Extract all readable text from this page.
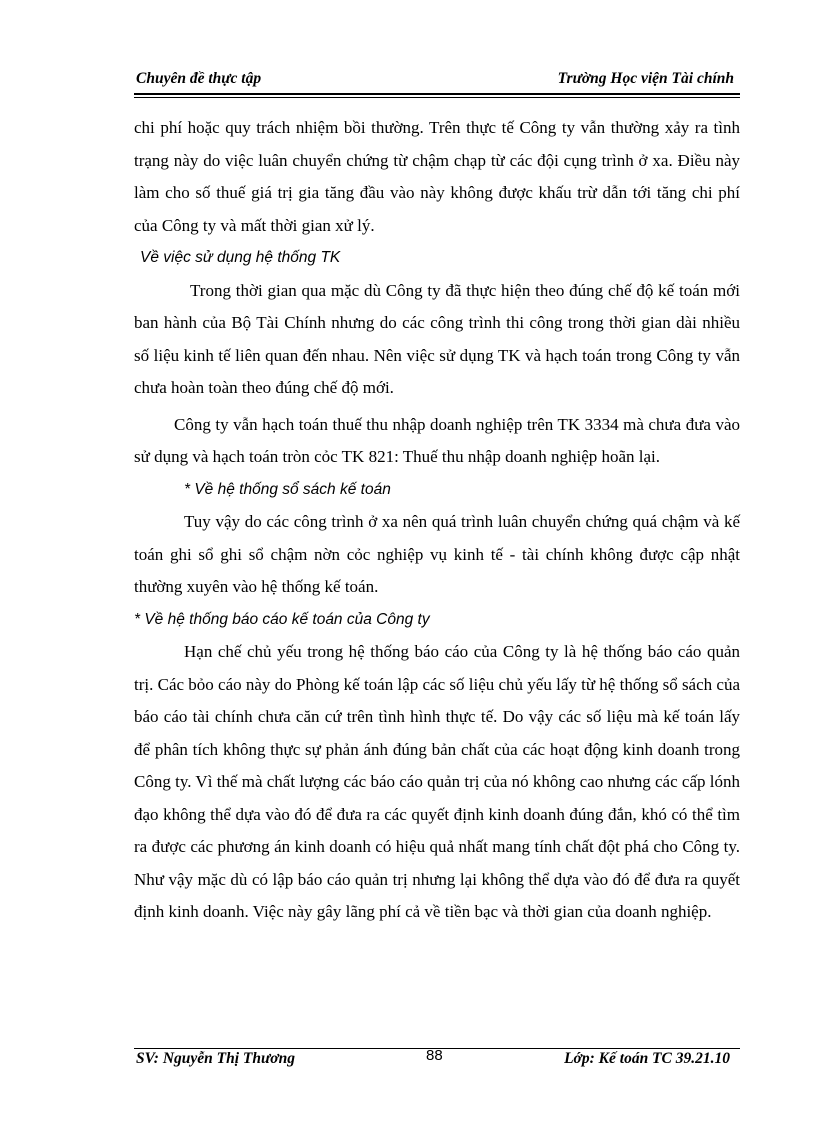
Chuyên đề thực tập	Trường Học viện Tài chính

chi phí hoặc quy trách nhiệm bồi thường. Trên thực tế Công ty vẫn thường xảy ra tình trạng này do việc luân chuyển chứng từ chậm chạp từ các đội cụng trình ở xa. Điều này làm cho số thuế giá trị gia tăng đầu vào này không được khấu trừ dẫn tới tăng chi phí của Công ty và mất thời gian xử lý.

Về việc sử dụng hệ thống TK

Trong thời gian qua mặc dù Công ty đã thực hiện theo đúng chế độ kế toán mới ban hành của Bộ Tài Chính nhưng do các công trình thi công trong thời gian dài nhiều số liệu kinh tế liên quan đến nhau. Nên việc sử dụng TK và hạch toán trong Công ty vẫn chưa hoàn toàn theo đúng chế độ mới.

Công ty vẫn hạch toán thuế thu nhập doanh nghiệp trên TK 3334 mà chưa đưa vào sử dụng và hạch toán tròn cỏc TK 821: Thuế thu nhập doanh nghiệp hoãn lại.

* Về hệ thống sổ sách kế toán

Tuy vậy do các công trình ở xa nên quá trình luân chuyển chứng quá chậm và kế toán ghi sổ ghi sổ chậm nờn cỏc nghiệp vụ kinh tế - tài chính không được cập nhật thường xuyên vào hệ thống kế toán.

* Về hệ thống báo cáo kế toán của Công ty

Hạn chế chủ yếu trong hệ thống báo cáo của Công ty là hệ thống báo cáo quản trị. Các bỏo cáo này do Phòng kế toán lập các số liệu chủ yếu lấy từ hệ thống sổ sách của báo cáo tài chính chưa căn cứ trên tình hình thực tế. Do vậy các số liệu mà kế toán lấy để phân tích không thực sự phản ánh đúng bản chất của các hoạt động kinh doanh trong Công ty. Vì thế mà chất lượng các báo cáo quản trị của nó không cao nhưng các cấp lónh đạo không thể dựa vào đó để đưa ra các quyết định kinh doanh đúng đắn, khó có thể tìm ra được các phương án kinh doanh có hiệu quả nhất mang tính chất đột phá cho Công ty. Như vậy mặc dù có lập báo cáo quản trị nhưng lại không thể dựa vào đó để đưa ra quyết định kinh doanh. Việc này gây lãng phí cả về tiền bạc và thời gian của doanh nghiệp.

SV: Nguyễn Thị Thương	88	Lớp: Kế toán TC 39.21.10
